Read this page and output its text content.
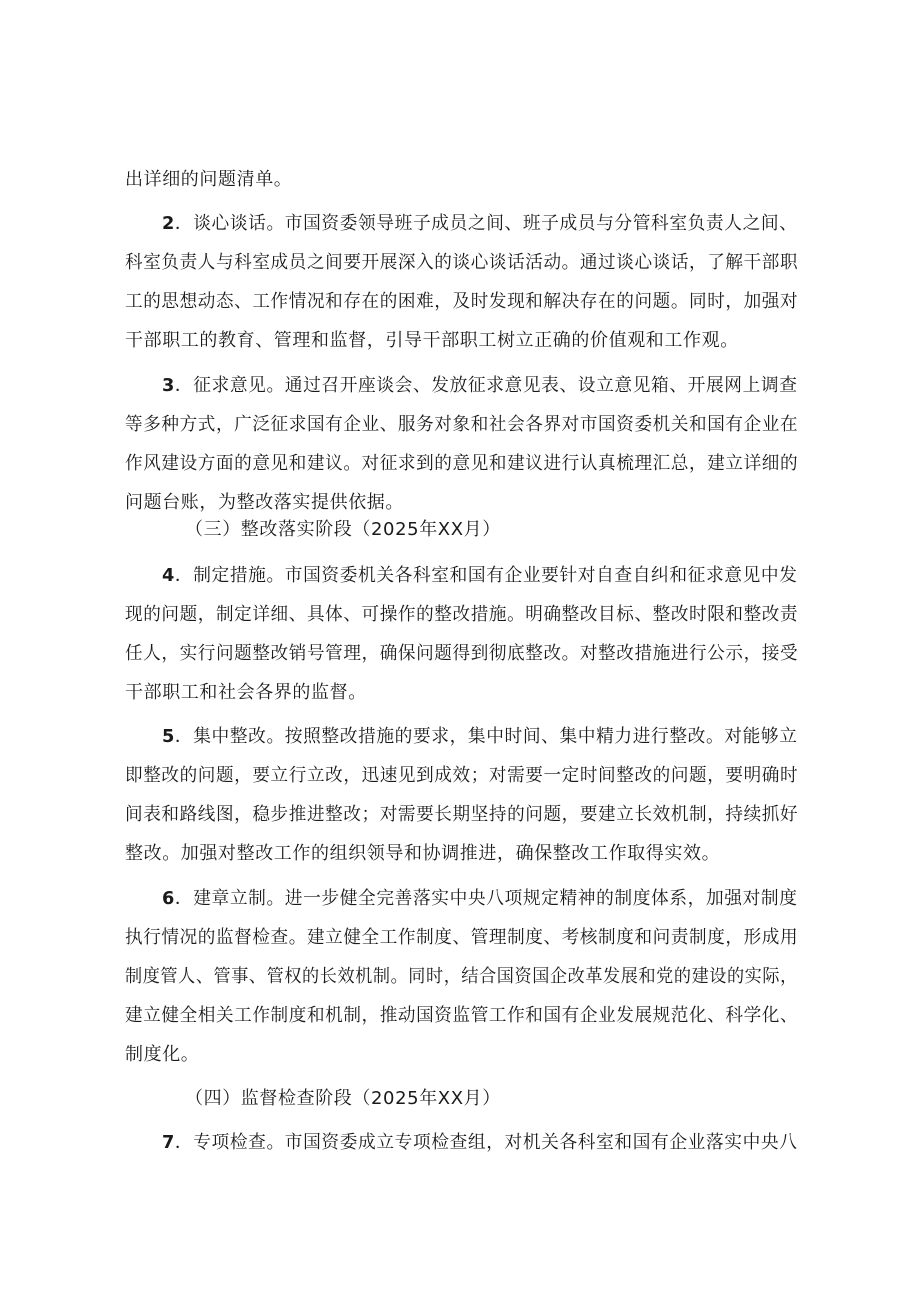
出详细的问题清单。
2．谈心谈话。市国资委领导班子成员之间、班子成员与分管科室负责人之间、
科室负责人与科室成员之间要开展深入的谈心谈话活动。通过谈心谈话，了解干部职
工的思想动态、工作情况和存在的困难，及时发现和解决存在的问题。同时，加强对
干部职工的教育、管理和监督，引导干部职工树立正确的价值观和工作观。
3．征求意见。通过召开座谈会、发放征求意见表、设立意见箱、开展网上调查
等多种方式，广泛征求国有企业、服务对象和社会各界对市国资委机关和国有企业在
作风建设方面的意见和建议。对征求到的意见和建议进行认真梳理汇总，建立详细的
问题台账，为整改落实提供依据。
（三）整改落实阶段（2025年XX月）
4．制定措施。市国资委机关各科室和国有企业要针对自查自纠和征求意见中发
现的问题，制定详细、具体、可操作的整改措施。明确整改目标、整改时限和整改责
任人，实行问题整改销号管理，确保问题得到彻底整改。对整改措施进行公示，接受
干部职工和社会各界的监督。
5．集中整改。按照整改措施的要求，集中时间、集中精力进行整改。对能够立
即整改的问题，要立行立改，迅速见到成效；对需要一定时间整改的问题，要明确时
间表和路线图，稳步推进整改；对需要长期坚持的问题，要建立长效机制，持续抓好
整改。加强对整改工作的组织领导和协调推进，确保整改工作取得实效。
6．建章立制。进一步健全完善落实中央八项规定精神的制度体系，加强对制度
执行情况的监督检查。建立健全工作制度、管理制度、考核制度和问责制度，形成用
制度管人、管事、管权的长效机制。同时，结合国资国企改革发展和党的建设的实际，
建立健全相关工作制度和机制，推动国资监管工作和国有企业发展规范化、科学化、
制度化。
（四）监督检查阶段（2025年XX月）
7．专项检查。市国资委成立专项检查组，对机关各科室和国有企业落实中央八
